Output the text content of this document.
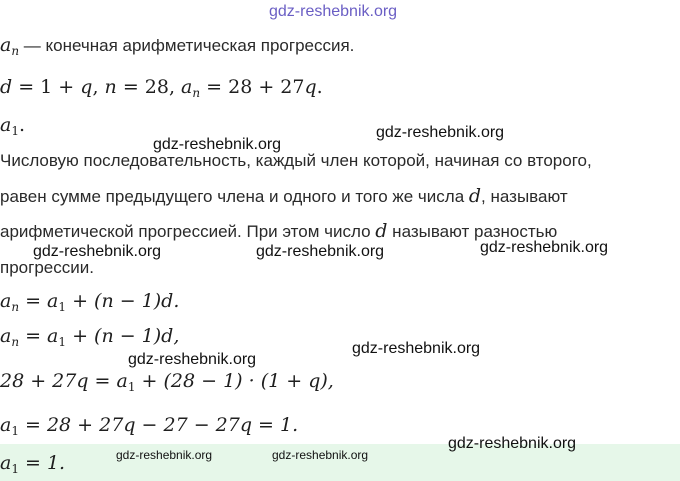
gdz-reshebnik.org
$a_n$ — конечная арифметическая прогрессия.
d = 1 + q, n = 28, $a_n = 28 + 27q$.
$a_1$.
Числовую последовательность, каждый член которой, начиная со второго,
равен сумме предыдущего члена и одного и того же числа d, называют
арифметической прогрессией. При этом число d называют разностью
прогрессии.
$a_n = a_1 + (n - 1)d$.
$a_n = a_1 + (n - 1)d$,
$28 + 27q = a_1 + (28 - 1) \cdot (1 + q)$,
$a_1 = 28 + 27q - 27 - 27q = 1$.
$a_1 = 1$.
gdz-reshebnik.org
gdz-reshebnik.org
gdz-reshebnik.org	gdz-reshebnik.org	gdz-reshebnik.org
gdz-reshebnik.org
gdz-reshebnik.org
gdz-reshebnik.org
gdz-reshebnik.org	gdz-reshebnik.org
